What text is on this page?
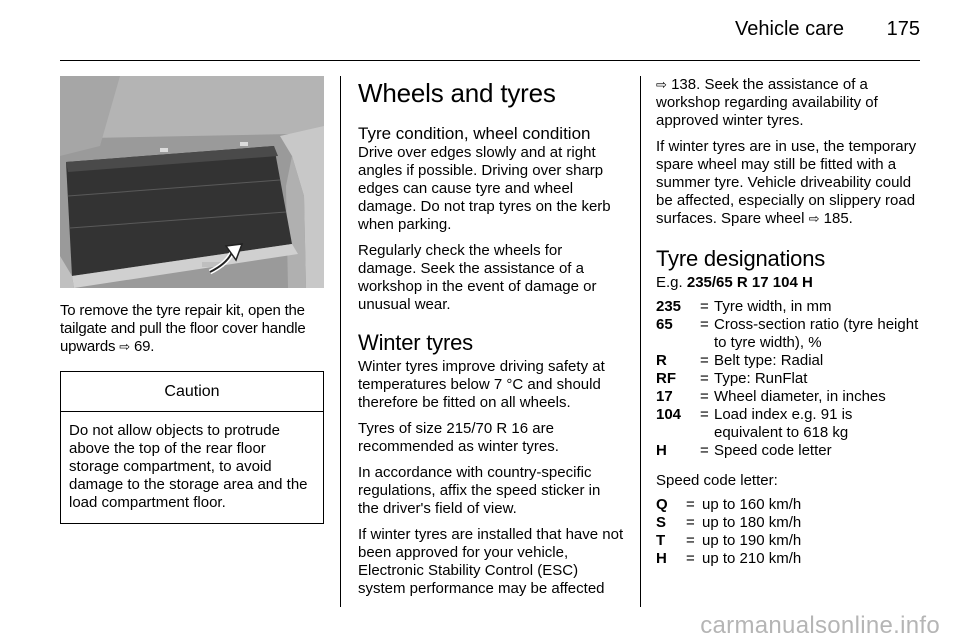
Vehicle care 175
To remove the tyre repair kit, open the tailgate and pull the floor cover handle upwards ⇨ 69.
Caution
Do not allow objects to protrude above the top of the rear floor storage compartment, to avoid damage to the storage area and the load compartment floor.
Wheels and tyres
Tyre condition, wheel condition

Drive over edges slowly and at right angles if possible. Driving over sharp edges can cause tyre and wheel damage. Do not trap tyres on the kerb when parking.

Regularly check the wheels for damage. Seek the assistance of a workshop in the event of damage or unusual wear.

Winter tyres

Winter tyres improve driving safety at temperatures below 7 °C and should therefore be fitted on all wheels.

Tyres of size 215/70 R 16 are recommended as winter tyres.

In accordance with country-specific regulations, affix the speed sticker in the driver's field of view.

If winter tyres are installed that have not been approved for your vehicle, Electronic Stability Control (ESC) system performance may be affected

⇨ 138. Seek the assistance of a workshop regarding availability of approved winter tyres.

If winter tyres are in use, the temporary spare wheel may still be fitted with a summer tyre. Vehicle driveability could be affected, especially on slippery road surfaces. Spare wheel ⇨ 185.

Tyre designations

E.g. 235/65 R 17 104 H

235	= Tyre width, in mm
65	= Cross-section ratio (tyre height to tyre width), %
R	= Belt type: Radial
RF	= Type: RunFlat
17	= Wheel diameter, in inches
104	= Load index e.g. 91 is equivalent to 618 kg
H	= Speed code letter

Speed code letter:

Q	= up to 160 km/h
S	= up to 180 km/h
T	= up to 190 km/h
H	= up to 210 km/h
carmanualsonline.info
